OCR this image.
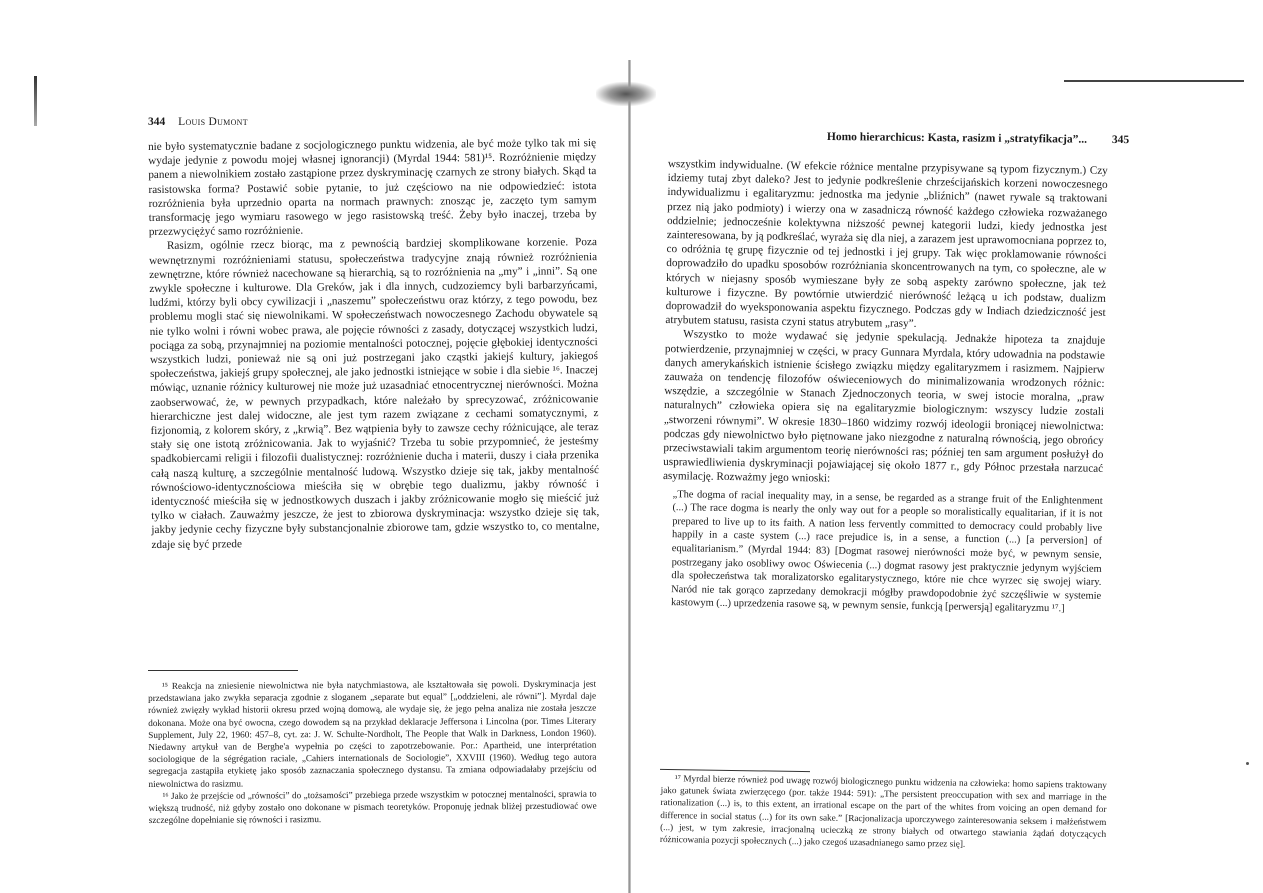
344 Louis Dumont

nie było systematycznie badane z socjologicznego punktu widzenia, ale być może tylko tak mi się wydaje jedynie z powodu mojej własnej ignorancji) (Myrdal 1944: 581)¹⁵. Rozróżnienie między panem a niewolnikiem zostało zastąpione przez dyskryminację czarnych ze strony białych. Skąd ta rasistowska forma? Postawić sobie pytanie, to już częściowo na nie odpowiedzieć: istota rozróżnienia była uprzednio oparta na normach prawnych: znosząc je, zaczęto tym samym transformację jego wymiaru rasowego w jego rasistowską treść. Żeby było inaczej, trzeba by przezwyciężyć samo rozróżnienie.

Rasizm, ogólnie rzecz biorąc, ma z pewnością bardziej skomplikowane korzenie. Poza wewnętrznymi rozróżnieniami statusu, społeczeństwa tradycyjne znają również rozróżnienia zewnętrzne, które również nacechowane są hierarchią, są to rozróżnienia na „my” i „inni”. Są one zwykle społeczne i kulturowe. Dla Greków, jak i dla innych, cudzoziemcy byli barbarzyńcami, ludźmi, którzy byli obcy cywilizacji i „naszemu” społeczeństwu oraz którzy, z tego powodu, bez problemu mogli stać się niewolnikami. W społeczeństwach nowoczesnego Zachodu obywatele są nie tylko wolni i równi wobec prawa, ale pojęcie równości z zasady, dotyczącej wszystkich ludzi, pociąga za sobą, przynajmniej na poziomie mentalności potocznej, pojęcie głębokiej identyczności wszystkich ludzi, ponieważ nie są oni już postrzegani jako cząstki jakiejś kultury, jakiegoś społeczeństwa, jakiejś grupy społecznej, ale jako jednostki istniejące w sobie i dla siebie ¹⁶. Inaczej mówiąc, uznanie różnicy kulturowej nie może już uzasadniać etnocentrycznej nierówności. Można zaobserwować, że, w pewnych przypadkach, które należało by sprecyzować, zróżnicowanie hierarchiczne jest dalej widoczne, ale jest tym razem związane z cechami somatycznymi, z fizjonomią, z kolorem skóry, z „krwią”. Bez wątpienia były to zawsze cechy różnicujące, ale teraz stały się one istotą zróżnicowania. Jak to wyjaśnić? Trzeba tu sobie przypomnieć, że jesteśmy spadkobiercami religii i filozofii dualistycznej: rozróżnienie ducha i materii, duszy i ciała przenika całą naszą kulturę, a szczególnie mentalność ludową. Wszystko dzieje się tak, jakby mentalność równościowo-identycznościowa mieściła się w obrębie tego dualizmu, jakby równość i identyczność mieściła się w jednostkowych duszach i jakby zróżnicowanie mogło się mieścić już tylko w ciałach. Zauważmy jeszcze, że jest to zbiorowa dyskryminacja: wszystko dzieje się tak, jakby jedynie cechy fizyczne były substancjonalnie zbiorowe tam, gdzie wszystko to, co mentalne, zdaje się być przede

¹⁵ Reakcja na zniesienie niewolnictwa nie była natychmiastowa, ale kształtowała się powoli. Dyskryminacja jest przedstawiana jako zwykła separacja zgodnie z sloganem „separate but equal” [„oddzieleni, ale równi”]. Myrdal daje również zwięzły wykład historii okresu przed wojną domową, ale wydaje się, że jego pełna analiza nie została jeszcze dokonana. Może ona być owocna, czego dowodem są na przykład deklaracje Jeffersona i Lincolna (por. Times Literary Supplement, July 22, 1960: 457–8, cyt. za: J. W. Schulte-Nordholt, The People that Walk in Darkness, London 1960). Niedawny artykuł van de Berghe'a wypełnia po części to zapotrzebowanie. Por.: Apartheid, une interprétation sociologique de la ségrégation raciale, „Cahiers internationals de Sociologie”, XXVIII (1960). Według tego autora segregacja zastąpiła etykietę jako sposób zaznaczania społecznego dystansu. Ta zmiana odpowiadałaby przejściu od niewolnictwa do rasizmu.

¹⁶ Jako że przejście od „równości” do „tożsamości” przebiega przede wszystkim w potocznej mentalności, sprawia to większą trudność, niż gdyby zostało ono dokonane w pismach teoretyków. Proponuję jednak bliżej przestudiować owe szczególne dopełnianie się równości i rasizmu.

Homo hierarchicus: Kasta, rasizm i „stratyfikacja”... 345

wszystkim indywidualne. (W efekcie różnice mentalne przypisywane są typom fizycznym.) Czy idziemy tutaj zbyt daleko? Jest to jedynie podkreślenie chrześcijańskich korzeni nowoczesnego indywidualizmu i egalitaryzmu: jednostka ma jedynie „bliźnich” (nawet rywale są traktowani przez nią jako podmioty) i wierzy ona w zasadniczą równość każdego człowieka rozważanego oddzielnie; jednocześnie kolektywna niższość pewnej kategorii ludzi, kiedy jednostka jest zainteresowana, by ją podkreślać, wyraża się dla niej, a zarazem jest uprawomocniana poprzez to, co odróżnia tę grupę fizycznie od tej jednostki i jej grupy. Tak więc proklamowanie równości doprowadziło do upadku sposobów rozróżniania skoncentrowanych na tym, co społeczne, ale w których w niejasny sposób wymieszane były ze sobą aspekty zarówno społeczne, jak też kulturowe i fizyczne. By powtórnie utwierdzić nierówność leżącą u ich podstaw, dualizm doprowadził do wyeksponowania aspektu fizycznego. Podczas gdy w Indiach dziedziczność jest atrybutem statusu, rasista czyni status atrybutem „rasy”.

Wszystko to może wydawać się jedynie spekulacją. Jednakże hipoteza ta znajduje potwierdzenie, przynajmniej w części, w pracy Gunnara Myrdala, który udowadnia na podstawie danych amerykańskich istnienie ścisłego związku między egalitaryzmem i rasizmem. Najpierw zauważa on tendencję filozofów oświeceniowych do minimalizowania wrodzonych różnic: wszędzie, a szczególnie w Stanach Zjednoczonych teoria, w swej istocie moralna, „praw naturalnych” człowieka opiera się na egalitaryzmie biologicznym: wszyscy ludzie zostali „stworzeni równymi”. W okresie 1830–1860 widzimy rozwój ideologii broniącej niewolnictwa: podczas gdy niewolnictwo było piętnowane jako niezgodne z naturalną równością, jego obrońcy przeciwstawiali takim argumentom teorię nierówności ras; później ten sam argument posłużył do usprawiedliwienia dyskryminacji pojawiającej się około 1877 r., gdy Północ przestała narzucać asymilację. Rozważmy jego wnioski:

„The dogma of racial inequality may, in a sense, be regarded as a strange fruit of the Enlightenment (...) The race dogma is nearly the only way out for a people so moralistically equalitarian, if it is not prepared to live up to its faith. A nation less fervently committed to democracy could probably live happily in a caste system (...) race prejudice is, in a sense, a function (...) [a perversion] of equalitarianism.” (Myrdal 1944: 83) [Dogmat rasowej nierówności może być, w pewnym sensie, postrzegany jako osobliwy owoc Oświecenia (...) dogmat rasowy jest praktycznie jedynym wyjściem dla społeczeństwa tak moralizatorsko egalitarystycznego, które nie chce wyrzec się swojej wiary. Naród nie tak gorąco zaprzedany demokracji mógłby prawdopodobnie żyć szczęśliwie w systemie kastowym (...) uprzedzenia rasowe są, w pewnym sensie, funkcją [perwersją] egalitaryzmu ¹⁷.]

¹⁷ Myrdal bierze również pod uwagę rozwój biologicznego punktu widzenia na człowieka: homo sapiens traktowany jako gatunek świata zwierzęcego (por. także 1944: 591): „The persistent preoccupation with sex and marriage in the rationalization (...) is, to this extent, an irrational escape on the part of the whites from voicing an open demand for difference in social status (...) for its own sake.” [Racjonalizacja uporczywego zainteresowania seksem i małżeństwem (...) jest, w tym zakresie, irracjonalną ucieczką ze strony białych od otwartego stawiania żądań dotyczących różnicowania pozycji społecznych (...) jako czegoś uzasadnianego samo przez się].
